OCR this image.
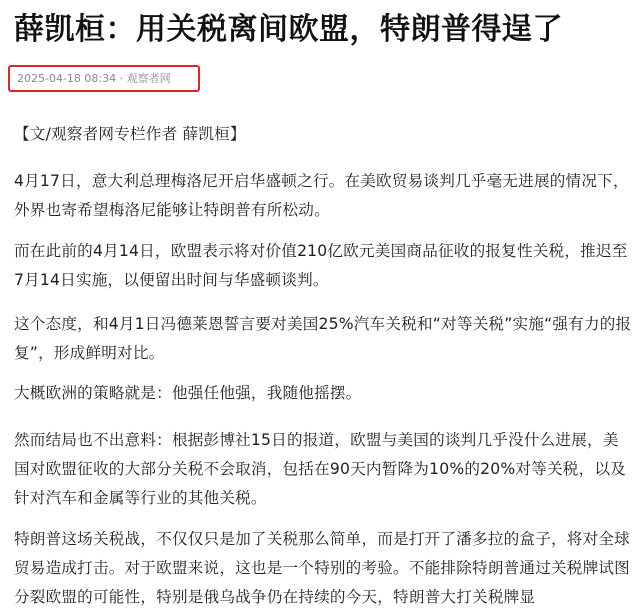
薛凯桓：用关税离间欧盟，特朗普得逞了
2025-04-18 08:34 · 观察者网

【文/观察者网专栏作者 薛凯桓】

4月17日，意大利总理梅洛尼开启华盛顿之行。在美欧贸易谈判几乎毫无进展的情况下，外界也寄希望梅洛尼能够让特朗普有所松动。

而在此前的4月14日，欧盟表示将对价值210亿欧元美国商品征收的报复性关税，推迟至7月14日实施，以便留出时间与华盛顿谈判。

这个态度，和4月1日冯德莱恩誓言要对美国25%汽车关税和“对等关税”实施“强有力的报复”，形成鲜明对比。

大概欧洲的策略就是：他强任他强，我随他摇摆。

然而结局也不出意料：根据彭博社15日的报道，欧盟与美国的谈判几乎没什么进展，美国对欧盟征收的大部分关税不会取消，包括在90天内暂降为10%的20%对等关税，以及针对汽车和金属等行业的其他关税。

特朗普这场关税战，不仅仅只是加了关税那么简单，而是打开了潘多拉的盒子，将对全球贸易造成打击。对于欧盟来说，这也是一个特别的考验。不能排除特朗普通过关税牌试图分裂欧盟的可能性，特别是俄乌战争仍在持续的今天，特朗普大打关税牌显
